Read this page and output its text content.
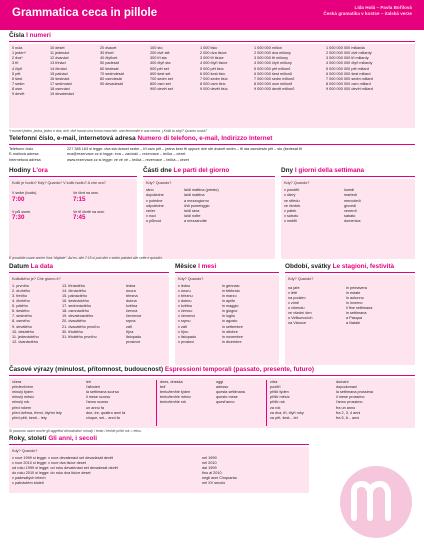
Grammatica ceca in pillole	Lída Holá – Pavla Bořilová
Česká gramatika v kostce – italská verze
Čísla I numeri
0 nula
1 jeden*
2 dva*
3 tři
4 čtyři
5 pět
6 šest
7 sedm
8 osm
9 devět
10 deset
11 jedenáct
12 dvanáct
13 třináct
14 čtrnáct
15 patnáct
16 šestnáct
17 sedmnáct
18 osmnáct
19 devatenáct
20 dvacet
30 třicet
40 čtyřicet
50 padesát
60 šedesát
70 sedmdesát
80 osmdesát
90 devadesát
100 sto
200 dvě stě
300 tři sta
400 čtyři sta
500 pět set
600 šest set
700 sedm set
800 osm set
900 devět set
1 000 tisíc
2 000 dva tisíce
3 000 tři tisíce
4 000 čtyři tisíce
5 000 pět tisíc
6 000 šest tisíc
7 000 sedm tisíc
8 000 osm tisíc
9 000 devět tisíc
1 000 000 milion
2 000 000 dva miliony
3 000 000 tři miliony
4 000 000 čtyři miliony
5 000 000 pět milionů
6 000 000 šest milionů
7 000 000 sedm milionů
8 000 000 osm milionů
9 000 000 devět milionů
1 000 000 000 miliarda
2 000 000 000 dvě miliardy
3 000 000 000 tři miliardy
4 000 000 000 čtyři miliardy
5 000 000 000 pět miliard
6 000 000 000 šest miliard
7 000 000 000 sedm miliard
8 000 000 000 osm miliard
9 000 000 000 devět miliard
*I numeri jeden, jedna, jedno e dva, dvě, dvě hanno una forma maschile, una femminile e una neutra. | Kolik to stojí? Quanto costa?
Telefonní číslo, e-mail, internetová adresa Numero di telefono, e-mail, Indirizzo Internet
Telefonní číslo
E-mailová adresa
Internetová adresa
227 385 163 si legge: dva sta dvacet sedm – tři osm pět – jedna šest tři oppure dvě stě dvacet sedm – tři sta osmdesát pět – sto (šedesát tři
eva@rezervace.cz si legge: eva – zavináč – rezervace – tečka – cézet
www.rezervace.cz si legge: vé vé vé – tečka – rezervace – tečka – cézet
Hodiny L'ora
Kolik je hodin? Kdy? Quanto? V kolik hodin? A che ora?
V sedm (hodin).
7:00
Ve čtvrt na osm.
7:15
V půl osmé.
7:30
Ve tři čtvrtě na osm.
7:45
Části dne Le parti del giorno
Kdy? Quando?
ráno
dopoledne
v poledne
odpoledne
večer
v noci
o půlnoci
la/di mattina (presto)
la/di mattina
a mezzogiorno
il/di pomeriggio
la/di sera
la/di notte
a mezzanotte
Dny I giorni della settimana
Kdy? Quando?
v pondělí
v úterý
ve středu
ve čtvrtek
v pátek
v sobotu
v neděli
lunedì
martedì
mercoledì
giovedì
venerdì
sabato
domenica
È possibile usare anche l'ora "digitale". Ad es. alle 7:15 si può dire v sedm patnáct alle sette e quindici.
Datum La data
Kolikátého je? Che giorno è?
1. prvního
2. druhého
3. třetího
4. čtvrtého
5. pátého
6. šestého
7. sedmého
8. osmého
9. devátého
10. desátého
11. jedenáctého
12. dvanáctého
13. třináctého
14. čtrnáctého
15. patnáctého
16. šestnáctého
17. sedmnáctého
18. osmnáctého
19. devatenáctého
20. dvacátého
21. dvacátého prvního
30. třicátého
31. třicátého prvního
ledna
února
března
dubna
května
června
července
srpna
září
října
listopadu
prosince
Měsíce I mesi
Kdy? Quando?
v lednu
v únoru
v březnu
v dubnu
v květnu
v červnu
v červenci
v srpnu
v září
v říjnu
v listopadu
v prosinci
in gennaio
in febbraio
in marzo
in aprile
in maggio
in giugno
in luglio
in agosto
in settembre
in ottobre
in novembre
in dicembre
Období, svátky Le stagioni, festività
Kdy? Quando?
na jaře
v létě
na podzim
v zimě
o víkendu
ve všední den
o Velikonocích
na Vánoce
in primavera
in estate
in autunno
in inverno
il fine settimana
in settimana
a Pasqua
a Natale
Časové výrazy (minulost, přítomnost, budoucnost) Espressioni temporali (passato, presente, futuro)
včera
předevčírem
minulý týden
minulý měsíc
minulý rok
před rokem
před dvěma, třemi, čtyřmi lety
před pěti, šesti... lety
ieri
l'altroieri
la settimana scorsa
il mese scorso
l'anno scorso
un anno fa
due, tre, quattro anni fa
cinque, sei... anni fa
dnes, dneska
teď
tento/tenhle týden
tento/tenhle měsíc
tento/tenhle rok
oggi
adesso
questa settimana
questo mese
quest'anno
zítra
pozítří
příští týden
příští měsíc
příští rok
za rok
za dva, tři, čtyři roky
za pět, šest... let
domani
dopodomani
la settimana prossima
il mese prossimo
l'anno prossimo
fra un anno
fra 2, 3, 4 anni
fra 5, 6... anni
Si possono usare anche gli aggettivi dimostrativi: minulý / tento / tenhle příští rok = letos.
Roky, století Gli anni, i secoli
Kdy? Quando?
v roce 1999 si legge: v roce devatenáct set devadesát devět
v roce 2010 si legge: v roce dva tisíce deset
od roku 1999 si legge: od roku devatenáct set devadesát devět
do roku 2010 si legge: do roku dva tisíce deset
v padesátých letech
v patnáctém století
nel 1999
nel 2010
dal 1999
fino al 2010
negli anni Cinquanta
nel XV secolo
